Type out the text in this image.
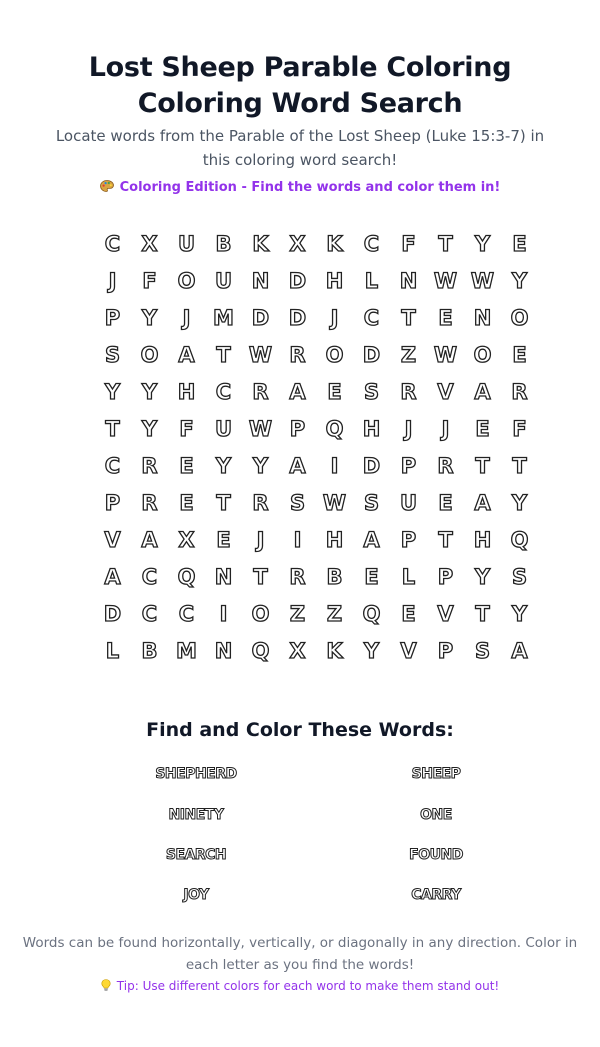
Lost Sheep Parable Coloring Coloring Word Search

Locate words from the Parable of the Lost Sheep (Luke 15:3-7) in this coloring word search!

Coloring Edition - Find the words and color them in!
C	X U B K X K	C	F	T	Y	E
J	F O U N D H	L	N W W Y
P	Y	J	M D D	J	C	T	E	N O
S O A	T W R O D Z W O E
Y	Y H C	R A	E	S	R V A R
T	Y	F	U W P Q H	J	J	E	F
C	R	E	Y	Y	A	I	D P	R	T	T
P	R	E	T	R	S W S U	E	A	Y
V A X	E	J	I	H A	P	T	H Q
A	C Q N	T	R B	E	L	P	Y	S
D C	C	I	O Z	Z Q E	V	T	Y
L	B M N Q X K	Y	V	P	S	A
Find and Color These Words:
SHEPHERD	SHEEP
NINETY	ONE
SEARCH	FOUND
JOY	CARRY

Words can be found horizontally, vertically, or diagonally in any direction. Color in each letter as you find the words!

Tip: Use different colors for each word to make them stand out!
